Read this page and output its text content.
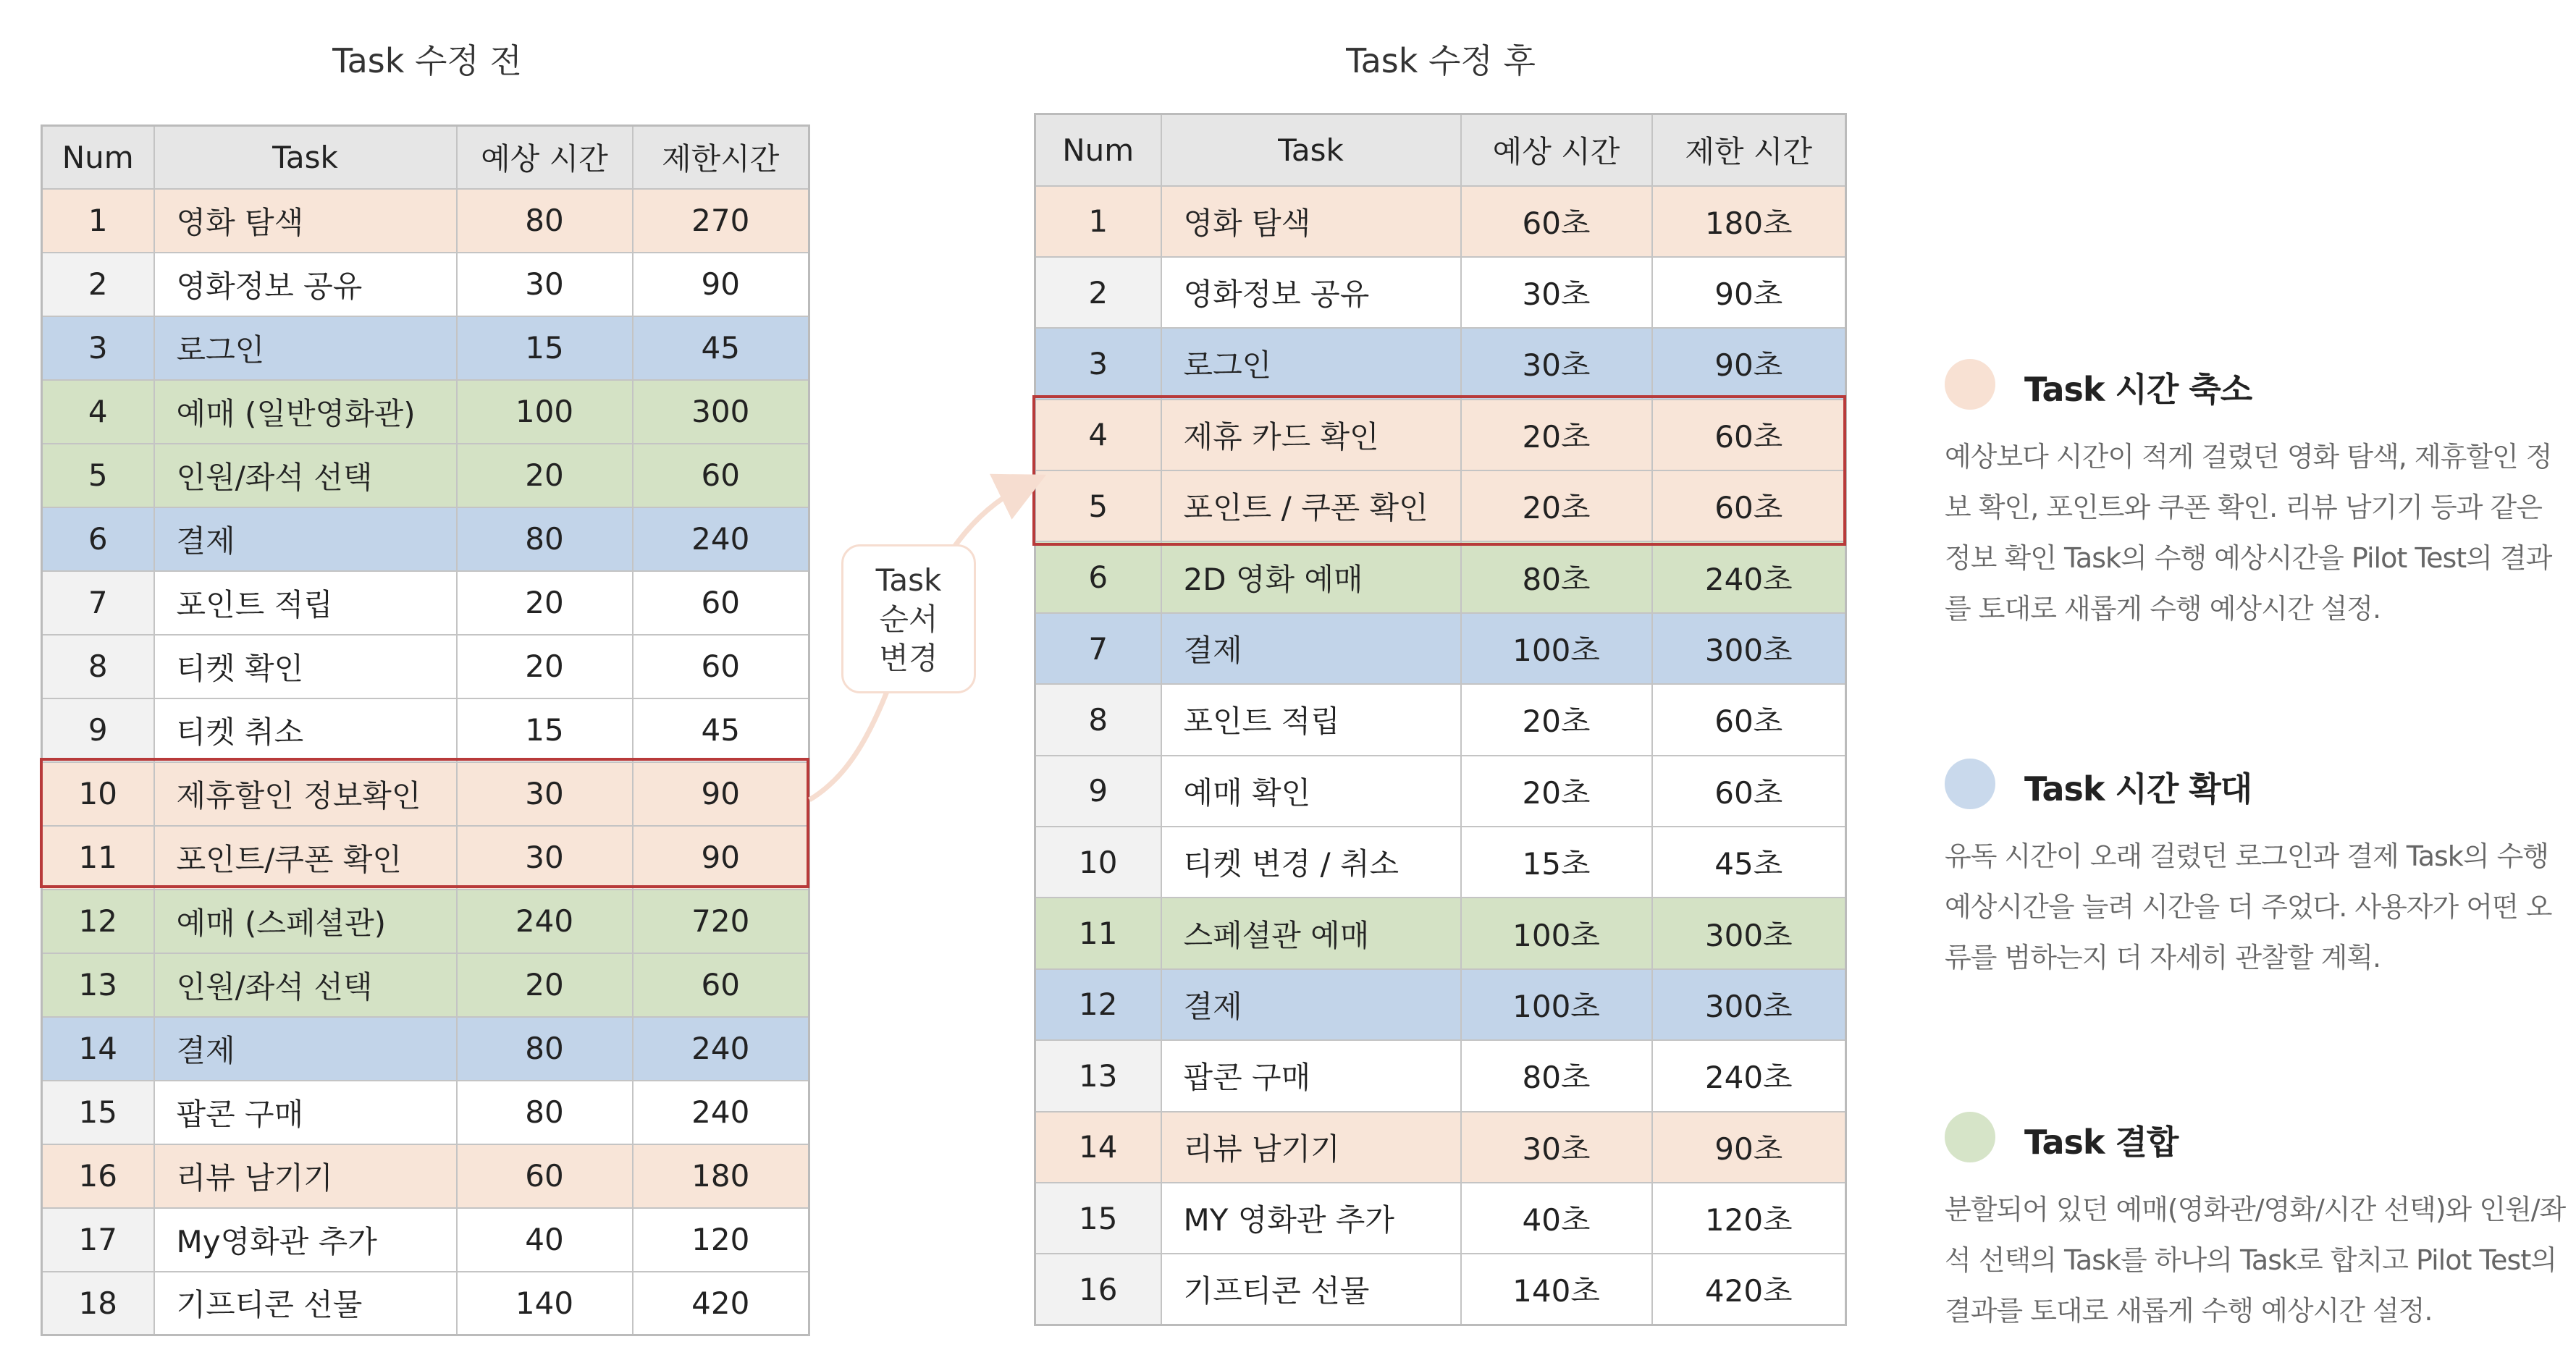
Task 수정 전	Task 수정 후
Num	Task	예상 시간	제한시간
1	영화 탐색	80	270
2	영화정보 공유	30	90
3	로그인	15	45
4	예매 (일반영화관)	100	300
5	인원/좌석 선택	20	60
6	결제	80	240
7	포인트 적립	20	60
8	티켓 확인	20	60
9	티켓 취소	15	45
10	제휴할인 정보확인	30	90
11	포인트/쿠폰 확인	30	90
12	예매 (스페셜관)	240	720
13	인원/좌석 선택	20	60
14	결제	80	240
15	팝콘 구매	80	240
16	리뷰 남기기	60	180
17	My영화관 추가	40	120
18	기프티콘 선물	140	420
Num	Task	예상 시간	제한 시간
1	영화 탐색	60초	180초
2	영화정보 공유	30초	90초
3	로그인	30초	90초
4	제휴 카드 확인	20초	60초
5	포인트 / 쿠폰 확인	20초	60초
6	2D 영화 예매	80초	240초
7	결제	100초	300초
8	포인트 적립	20초	60초
9	예매 확인	20초	60초
10	티켓 변경 / 취소	15초	45초
11	스페셜관 예매	100초	300초
12	결제	100초	300초
13	팝콘 구매	80초	240초
14	리뷰 남기기	30초	90초
15	MY 영화관 추가	40초	120초
16	기프티콘 선물	140초	420초
Task
순서
변경
Task 시간 축소
예상보다 시간이 적게 걸렸던 영화 탐색, 제휴할인 정보 확인, 포인트와 쿠폰 확인. 리뷰 남기기 등과 같은 정보 확인 Task의 수행 예상시간을 Pilot Test의 결과를 토대로 새롭게 수행 예상시간 설정.
Task 시간 확대
유독 시간이 오래 걸렸던 로그인과 결제 Task의 수행 예상시간을 늘려 시간을 더 주었다. 사용자가 어떤 오류를 범하는지 더 자세히 관찰할 계획.
Task 결합
분할되어 있던 예매(영화관/영화/시간 선택)와 인원/좌석 선택의 Task를 하나의 Task로 합치고 Pilot Test의 결과를 토대로 새롭게 수행 예상시간 설정.
